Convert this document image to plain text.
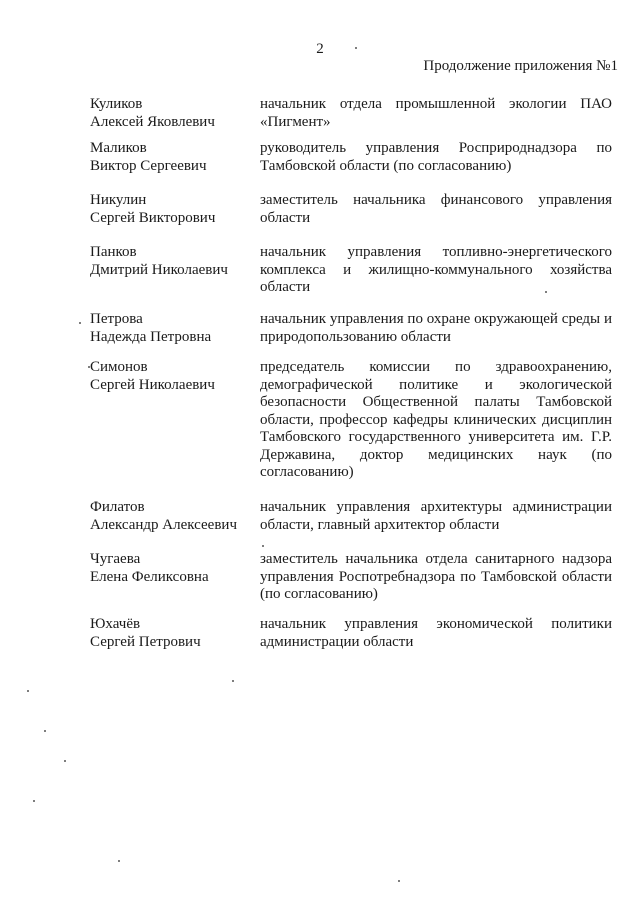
2
Продолжение приложения №1
Куликов
Алексей Яковлевич
начальник отдела промышленной экологии ПАО «Пигмент»
Маликов
Виктор Сергеевич
руководитель управления Росприроднадзора по Тамбовской области (по согласованию)
Никулин
Сергей Викторович
заместитель начальника финансового управления области
Панков
Дмитрий Николаевич
начальник управления топливно-энергетического комплекса и жилищно-коммунального хозяйства области
Петрова
Надежда Петровна
начальник управления по охране окружающей среды и природопользованию области
Симонов
Сергей Николаевич
председатель комиссии по здравоохранению, демографической политике и экологической безопасности Общественной палаты Тамбовской области, профессор кафедры клинических дисциплин Тамбовского государственного университета им. Г.Р. Державина, доктор медицинских наук (по согласованию)
Филатов
Александр Алексеевич
начальник управления архитектуры администрации области, главный архитектор области
Чугаева
Елена Феликсовна
заместитель начальника отдела санитарного надзора управления Роспотребнадзора по Тамбовской области (по согласованию)
Юхачёв
Сергей Петрович
начальник управления экономической политики администрации области
